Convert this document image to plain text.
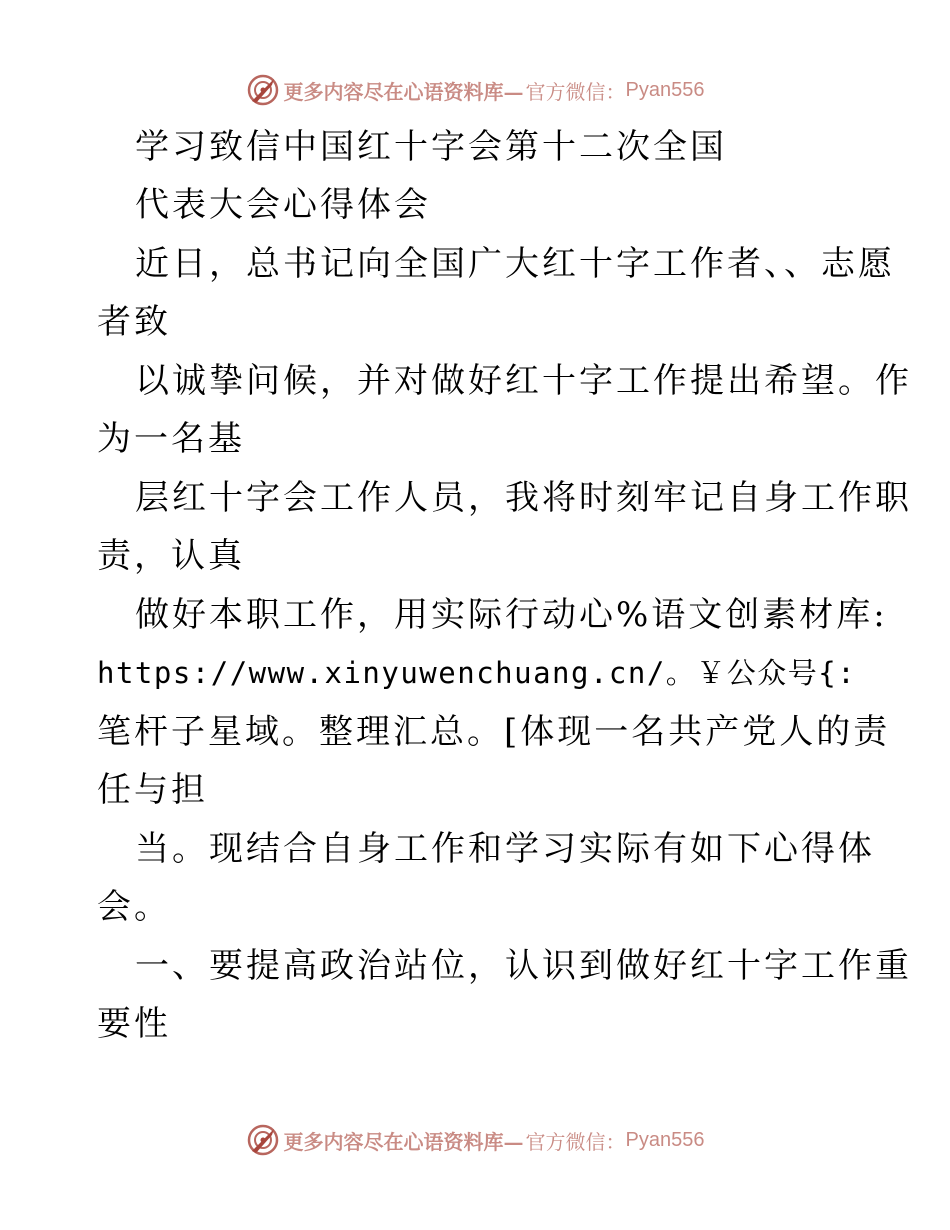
更多内容尽在心语资料库— 官方微信： Pyan556
学习致信中国红十字会第十二次全国
代表大会心得体会
近日，总书记向全国广大红十字工作者、、志愿
者致
以诚挚问候，并对做好红十字工作提出希望。作
为一名基
层红十字会工作人员，我将时刻牢记自身工作职
责，认真
做好本职工作，用实际行动心%语文创素材库:
https://www.xinyuwenchuang.cn/。￥公众号{:
笔杆子星域。整理汇总。[体现一名共产党人的责
任与担
当。现结合自身工作和学习实际有如下心得体
会。
一、要提高政治站位，认识到做好红十字工作重
要性
更多内容尽在心语资料库— 官方微信： Pyan556
